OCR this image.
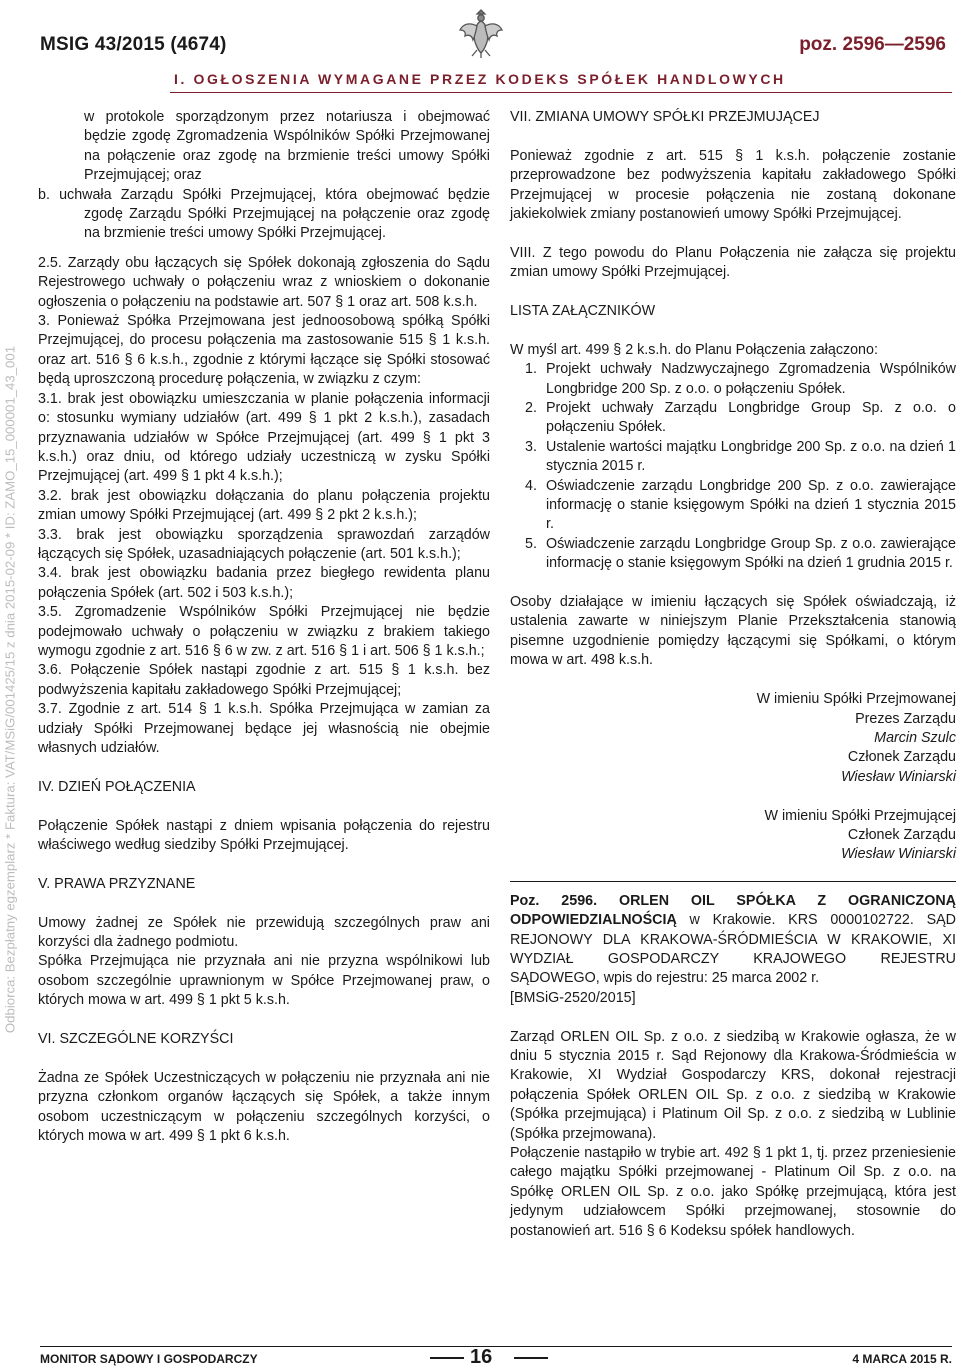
MSIG 43/2015 (4674)	poz. 2596—2596
I. OGŁOSZENIA WYMAGANE PRZEZ KODEKS SPÓŁEK HANDLOWYCH
Odbiorca: Bezpłatny egzemplarz * Faktura: VAT/MSiG/001425/15 z dnia 2015-02-09 * ID: ZAMO_15_000001_43_001

w protokole sporządzonym przez notariusza i obejmować będzie zgodę Zgromadzenia Wspólników Spółki Przejmowanej na połączenie oraz zgodę na brzmienie treści umowy Spółki Przejmującej; oraz

b. uchwała Zarządu Spółki Przejmującej, która obejmować będzie zgodę Zarządu Spółki Przejmującej na połączenie oraz zgodę na brzmienie treści umowy Spółki Przejmującej.

2.5. Zarządy obu łączących się Spółek dokonają zgłoszenia do Sądu Rejestrowego uchwały o połączeniu wraz z wnioskiem o dokonanie ogłoszenia o połączeniu na podstawie art. 507 § 1 oraz art. 508 k.s.h.

3. Ponieważ Spółka Przejmowana jest jednoosobową spółką Spółki Przejmującej, do procesu połączenia ma zastosowanie 515 § 1 k.s.h. oraz art. 516 § 6 k.s.h., zgodnie z którymi łączące się Spółki stosować będą uproszczoną procedurę połączenia, w związku z czym:

3.1. brak jest obowiązku umieszczania w planie połączenia informacji o: stosunku wymiany udziałów (art. 499 § 1 pkt 2 k.s.h.), zasadach przyznawania udziałów w Spółce Przejmującej (art. 499 § 1 pkt 3 k.s.h.) oraz dniu, od którego udziały uczestniczą w zysku Spółki Przejmującej (art. 499 § 1 pkt 4 k.s.h.);

3.2. brak jest obowiązku dołączania do planu połączenia projektu zmian umowy Spółki Przejmującej (art. 499 § 2 pkt 2 k.s.h.);

3.3. brak jest obowiązku sporządzenia sprawozdań zarządów łączących się Spółek, uzasadniających połączenie (art. 501 k.s.h.);

3.4. brak jest obowiązku badania przez biegłego rewidenta planu połączenia Spółek (art. 502 i 503 k.s.h.);

3.5. Zgromadzenie Wspólników Spółki Przejmującej nie będzie podejmowało uchwały o połączeniu w związku z brakiem takiego wymogu zgodnie z art. 516 § 6 w zw. z art. 516 § 1 i art. 506 § 1 k.s.h.;

3.6. Połączenie Spółek nastąpi zgodnie z art. 515 § 1 k.s.h. bez podwyższenia kapitału zakładowego Spółki Przejmującej;

3.7. Zgodnie z art. 514 § 1 k.s.h. Spółka Przejmująca w zamian za udziały Spółki Przejmowanej będące jej własnością nie obejmie własnych udziałów.

IV. DZIEŃ POŁĄCZENIA

Połączenie Spółek nastąpi z dniem wpisania połączenia do rejestru właściwego według siedziby Spółki Przejmującej.

V. PRAWA PRZYZNANE

Umowy żadnej ze Spółek nie przewidują szczególnych praw ani korzyści dla żadnego podmiotu.

Spółka Przejmująca nie przyznała ani nie przyzna wspólnikowi lub osobom szczególnie uprawnionym w Spółce Przejmowanej praw, o których mowa w art. 499 § 1 pkt 5 k.s.h.

VI. SZCZEGÓLNE KORZYŚCI

Żadna ze Spółek Uczestniczących w połączeniu nie przyznała ani nie przyzna członkom organów łączących się Spółek, a także innym osobom uczestniczącym w połączeniu szczególnych korzyści, o których mowa w art. 499 § 1 pkt 6 k.s.h.

VII. ZMIANA UMOWY SPÓŁKI PRZEJMUJĄCEJ

Ponieważ zgodnie z art. 515 § 1 k.s.h. połączenie zostanie przeprowadzone bez podwyższenia kapitału zakładowego Spółki Przejmującej w procesie połączenia nie zostaną dokonane jakiekolwiek zmiany postanowień umowy Spółki Przejmującej.

VIII. Z tego powodu do Planu Połączenia nie załącza się projektu zmian umowy Spółki Przejmującej.

LISTA ZAŁĄCZNIKÓW

W myśl art. 499 § 2 k.s.h. do Planu Połączenia załączono:

1. Projekt uchwały Nadzwyczajnego Zgromadzenia Wspólników Longbridge 200 Sp. z o.o. o połączeniu Spółek.
2. Projekt uchwały Zarządu Longbridge Group Sp. z o.o. o połączeniu Spółek.
3. Ustalenie wartości majątku Longbridge 200 Sp. z o.o. na dzień 1 stycznia 2015 r.
4. Oświadczenie zarządu Longbridge 200 Sp. z o.o. zawierające informację o stanie księgowym Spółki na dzień 1 stycznia 2015 r.
5. Oświadczenie zarządu Longbridge Group Sp. z o.o. zawierające informację o stanie księgowym Spółki na dzień 1 grudnia 2015 r.

Osoby działające w imieniu łączących się Spółek oświadczają, iż ustalenia zawarte w niniejszym Planie Przekształcenia stanowią pisemne uzgodnienie pomiędzy łączącymi się Spółkami, o którym mowa w art. 498 k.s.h.

W imieniu Spółki Przejmowanej

Prezes Zarządu

Marcin Szulc

Członek Zarządu

Wiesław Winiarski

W imieniu Spółki Przejmującej

Członek Zarządu

Wiesław Winiarski

Poz. 2596. ORLEN OIL SPÓŁKA Z OGRANICZONĄ ODPOWIEDZIALNOŚCIĄ w Krakowie. KRS 0000102722. SĄD REJONOWY DLA KRAKOWA-ŚRÓDMIEŚCIA W KRAKOWIE, XI WYDZIAŁ GOSPODARCZY KRAJOWEGO REJESTRU SĄDOWEGO, wpis do rejestru: 25 marca 2002 r.

[BMSiG-2520/2015]

Zarząd ORLEN OIL Sp. z o.o. z siedzibą w Krakowie ogłasza, że w dniu 5 stycznia 2015 r. Sąd Rejonowy dla Krakowa-Śródmieścia w Krakowie, XI Wydział Gospodarczy KRS, dokonał rejestracji połączenia Spółek ORLEN OIL Sp. z o.o. z siedzibą w Krakowie (Spółka przejmująca) i Platinum Oil Sp. z o.o. z siedzibą w Lublinie (Spółka przejmowana).

Połączenie nastąpiło w trybie art. 492 § 1 pkt 1, tj. przez przeniesienie całego majątku Spółki przejmowanej - Platinum Oil Sp. z o.o. na Spółkę ORLEN OIL Sp. z o.o. jako Spółkę przejmującą, która jest jedynym udziałowcem Spółki przejmowanej, stosownie do postanowień art. 516 § 6 Kodeksu spółek handlowych.

MONITOR SĄDOWY I GOSPODARCZY	16	4 MARCA 2015 R.
